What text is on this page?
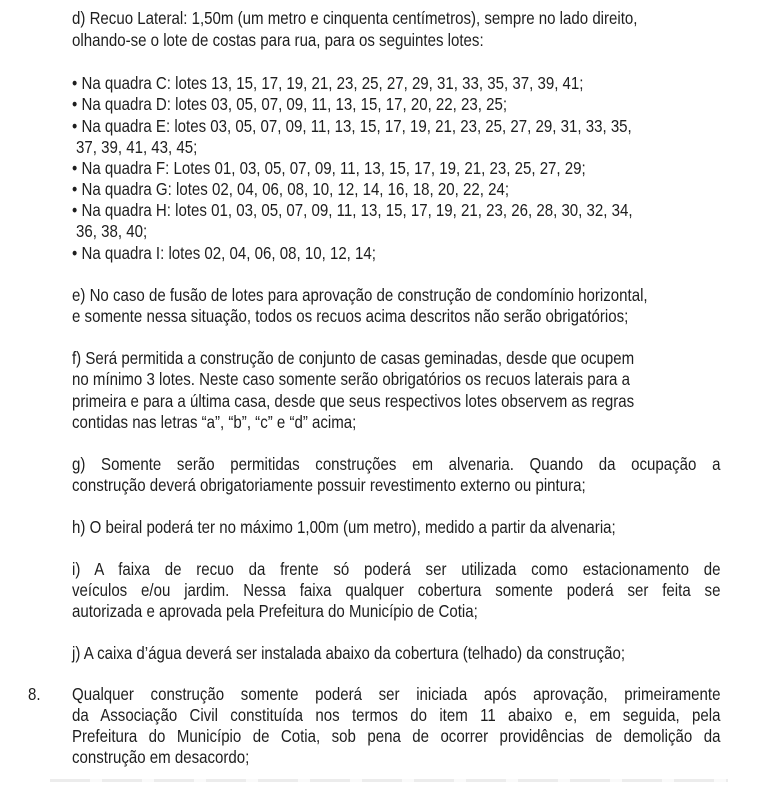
d) Recuo Lateral: 1,50m (um metro e cinquenta centímetros), sempre no lado direito,
olhando-se o lote de costas para rua, para os seguintes lotes:
• Na quadra C: lotes 13, 15, 17, 19, 21, 23, 25, 27, 29, 31, 33, 35, 37, 39, 41;
• Na quadra D: lotes 03, 05, 07, 09, 11, 13, 15, 17, 20, 22, 23, 25;
• Na quadra E: lotes 03, 05, 07, 09, 11, 13, 15, 17, 19, 21, 23, 25, 27, 29, 31, 33, 35,
37, 39, 41, 43, 45;
• Na quadra F: Lotes 01, 03, 05, 07, 09, 11, 13, 15, 17, 19, 21, 23, 25, 27, 29;
• Na quadra G: lotes 02, 04, 06, 08, 10, 12, 14, 16, 18, 20, 22, 24;
• Na quadra H: lotes 01, 03, 05, 07, 09, 11, 13, 15, 17, 19, 21, 23, 26, 28, 30, 32, 34,
36, 38, 40;
• Na quadra I: lotes 02, 04, 06, 08, 10, 12, 14;
e) No caso de fusão de lotes para aprovação de construção de condomínio horizontal,
e somente nessa situação, todos os recuos acima descritos não serão obrigatórios;
f) Será permitida a construção de conjunto de casas geminadas, desde que ocupem
no mínimo 3 lotes. Neste caso somente serão obrigatórios os recuos laterais para a
primeira e para a última casa, desde que seus respectivos lotes observem as regras
contidas nas letras “a”, “b”, “c” e “d” acima;
g) Somente serão permitidas construções em alvenaria. Quando da ocupação a
construção deverá obrigatoriamente possuir revestimento externo ou pintura;
h) O beiral poderá ter no máximo 1,00m (um metro), medido a partir da alvenaria;
i) A faixa de recuo da frente só poderá ser utilizada como estacionamento de
veículos e/ou jardim. Nessa faixa qualquer cobertura somente poderá ser feita se
autorizada e aprovada pela Prefeitura do Município de Cotia;
j) A caixa d’água deverá ser instalada abaixo da cobertura (telhado) da construção;
8. Qualquer construção somente poderá ser iniciada após aprovação, primeiramente
da Associação Civil constituída nos termos do item 11 abaixo e, em seguida, pela
Prefeitura do Município de Cotia, sob pena de ocorrer providências de demolição da
construção em desacordo;
